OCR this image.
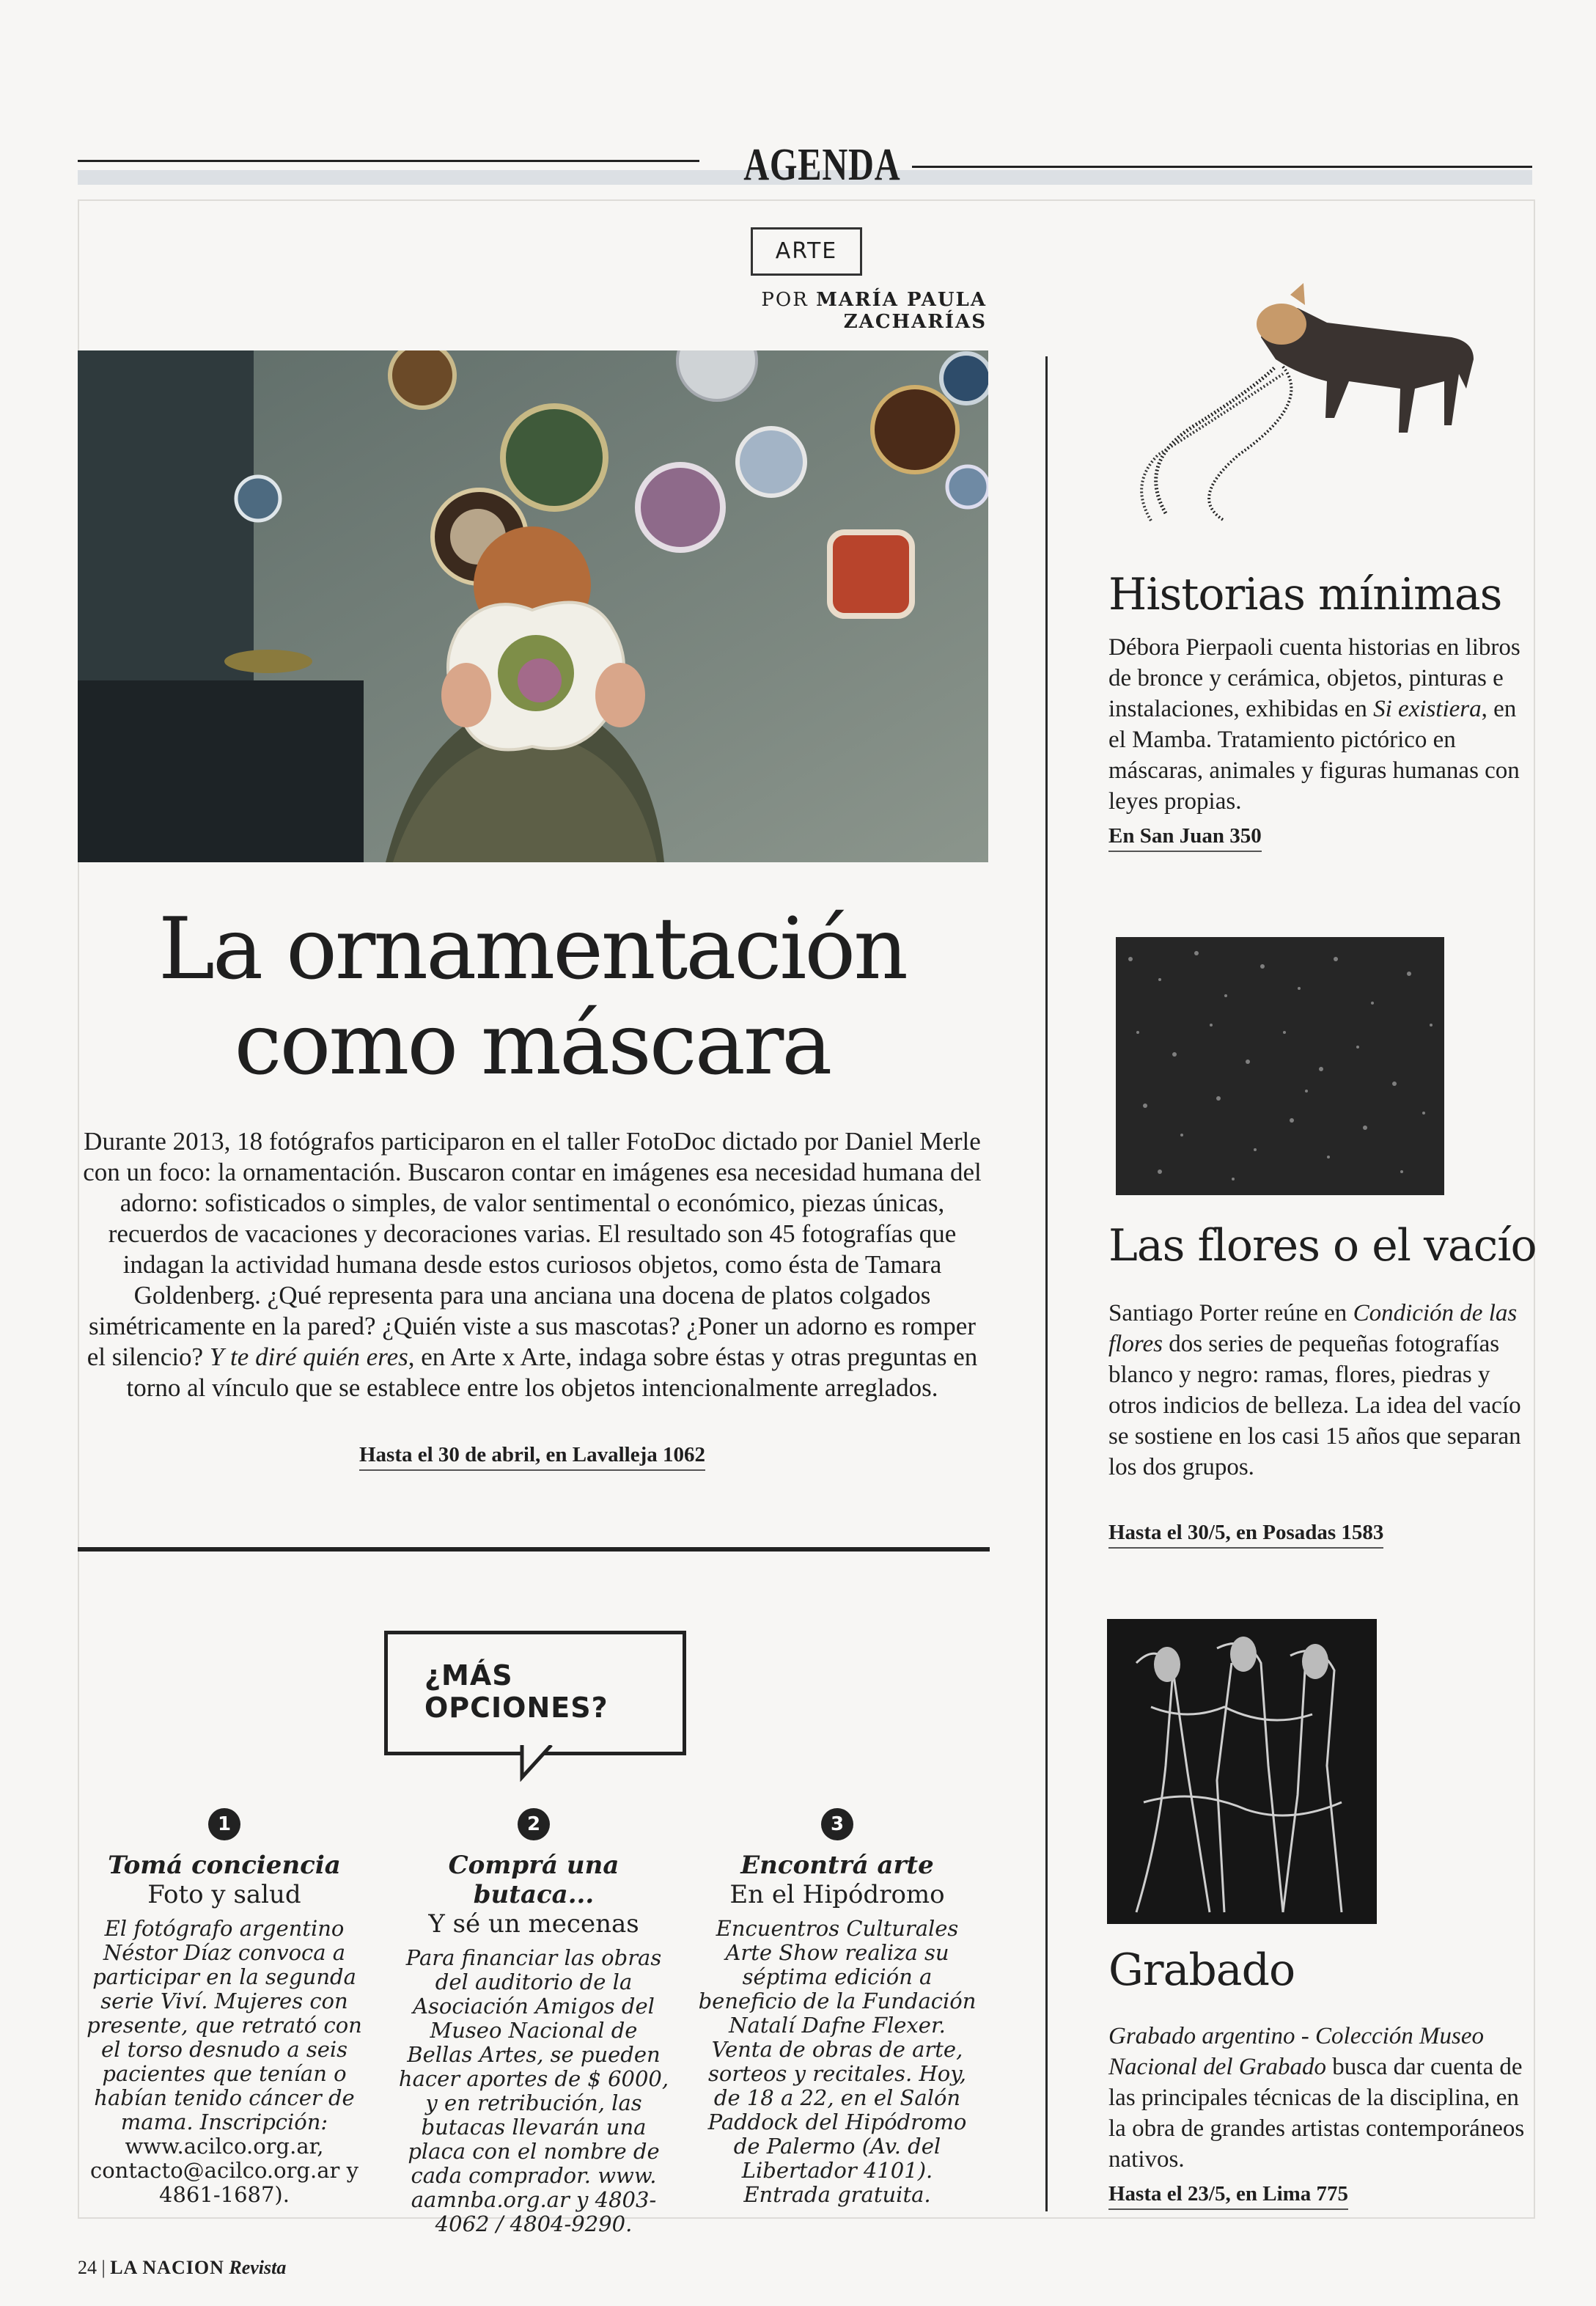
AGENDA
ARTE
POR MARÍA PAULA ZACHARÍAS
La ornamentación
como máscara

Durante 2013, 18 fotógrafos participaron en el taller FotoDoc dictado por Daniel Merle con un foco: la ornamentación. Buscaron contar en imágenes esa necesidad humana del adorno: sofisticados o simples, de valor sentimental o económico, piezas únicas, recuerdos de vacaciones y decoraciones varias. El resultado son 45 fotografías que indagan la actividad humana desde estos curiosos objetos, como ésta de Tamara Goldenberg. ¿Qué representa para una anciana una docena de platos colgados simétricamente en la pared? ¿Quién viste a sus mascotas? ¿Poner un adorno es romper el silencio? Y te diré quién eres, en Arte x Arte, indaga sobre éstas y otras preguntas en torno al vínculo que se establece entre los objetos intencionalmente arreglados.

Hasta el 30 de abril, en Lavalleja 1062
¿MÁS
OPCIONES?
1
Tomá conciencia
Foto y salud
El fotógrafo argentino Néstor Díaz convoca a participar en la segunda serie Viví. Mujeres con presente, que retrató con el torso desnudo a seis pacientes que tenían o habían tenido cáncer de mama. Inscripción: www.acilco.org.ar, contacto@acilco.org.ar y 4861-1687).
2
Comprá una butaca...
Y sé un mecenas
Para financiar las obras del auditorio de la Asociación Amigos del Museo Nacional de Bellas Artes, se pueden hacer aportes de $ 6000, y en retribución, las butacas llevarán una placa con el nombre de cada comprador. www. aamnba.org.ar y 4803-4062 / 4804-9290.
3
Encontrá arte
En el Hipódromo
Encuentros Culturales Arte Show realiza su séptima edición a beneficio de la Fundación Natalí Dafne Flexer. Venta de obras de arte, sorteos y recitales. Hoy, de 18 a 22, en el Salón Paddock del Hipódromo de Palermo (Av. del Libertador 4101). Entrada gratuita.
Historias mínimas

Débora Pierpaoli cuenta historias en libros de bronce y cerámica, objetos, pinturas e instalaciones, exhibidas en Si existiera, en el Mamba. Tratamiento pictórico en máscaras, animales y figuras humanas con leyes propias.

En San Juan 350
Las flores o el vacío

Santiago Porter reúne en Condición de las flores dos series de pequeñas fotografías blanco y negro: ramas, flores, piedras y otros indicios de belleza. La idea del vacío se sostiene en los casi 15 años que separan los dos grupos.

Hasta el 30/5, en Posadas 1583
Grabado

Grabado argentino - Colección Museo Nacional del Grabado busca dar cuenta de las principales técnicas de la disciplina, en la obra de grandes artistas contemporáneos nativos.

Hasta el 23/5, en Lima 775
24 | LA NACION Revista
